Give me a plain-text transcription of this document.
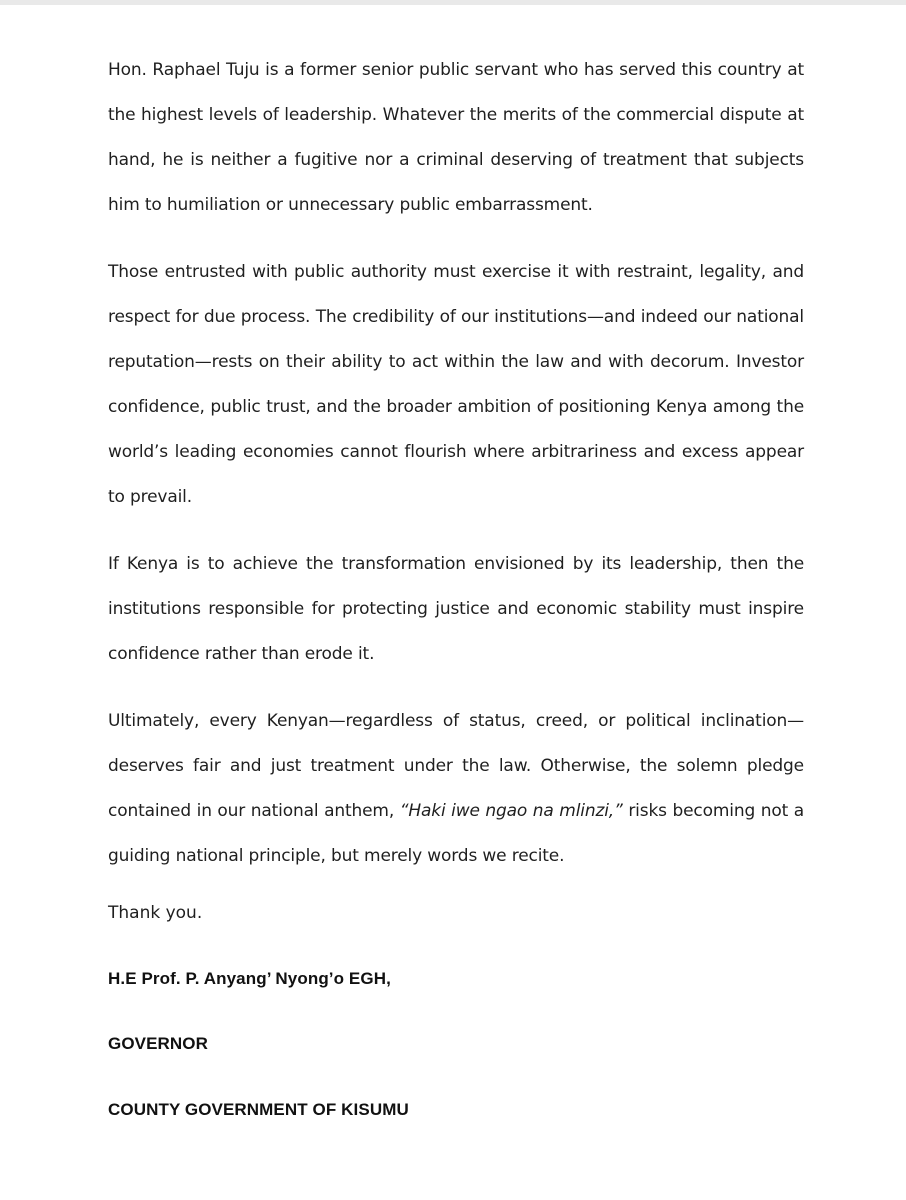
Hon. Raphael Tuju is a former senior public servant who has served this country at the highest levels of leadership. Whatever the merits of the commercial dispute at hand, he is neither a fugitive nor a criminal deserving of treatment that subjects him to humiliation or unnecessary public embarrassment.

Those entrusted with public authority must exercise it with restraint, legality, and respect for due process. The credibility of our institutions—and indeed our national reputation—rests on their ability to act within the law and with decorum. Investor confidence, public trust, and the broader ambition of positioning Kenya among the world’s leading economies cannot flourish where arbitrariness and excess appear to prevail.

If Kenya is to achieve the transformation envisioned by its leadership, then the institutions responsible for protecting justice and economic stability must inspire confidence rather than erode it.

Ultimately, every Kenyan—regardless of status, creed, or political inclination—deserves fair and just treatment under the law. Otherwise, the solemn pledge contained in our national anthem, “Haki iwe ngao na mlinzi,” risks becoming not a guiding national principle, but merely words we recite.

Thank you.

H.E Prof. P. Anyang’ Nyong’o EGH,

GOVERNOR

COUNTY GOVERNMENT OF KISUMU
